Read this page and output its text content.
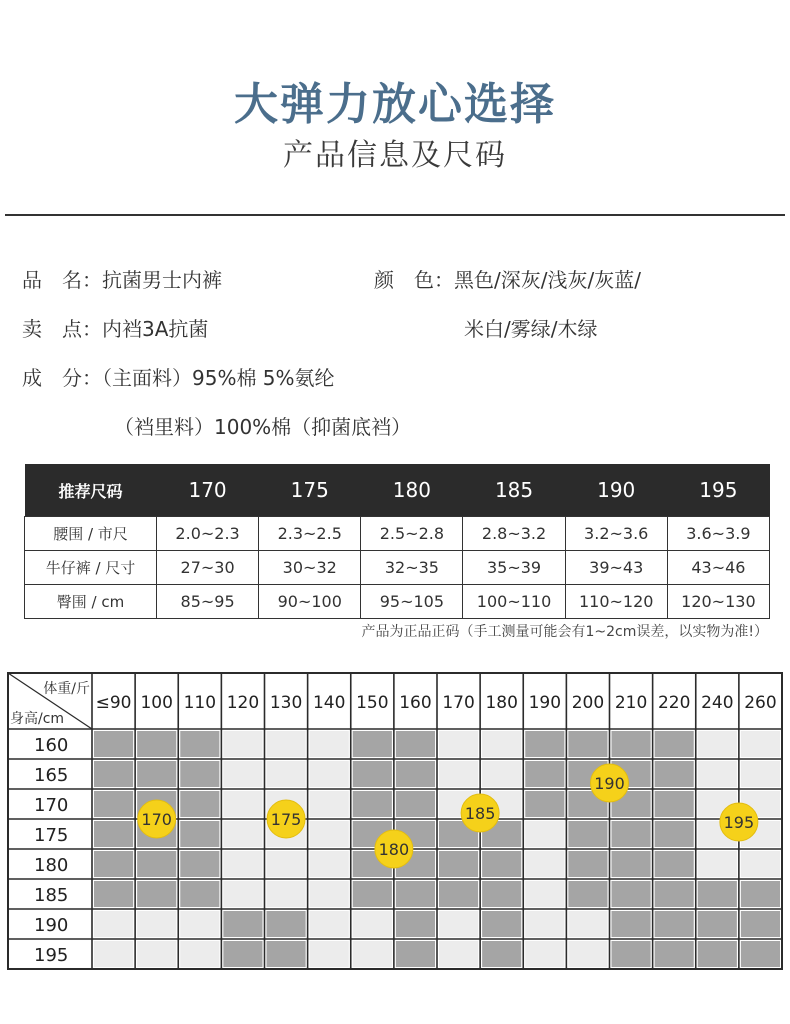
大弹力放心选择
产品信息及尺码
品　名：抗菌男士内裤	颜　色：黑色/深灰/浅灰/灰蓝/
米白/雾绿/木绿
卖　点：内裆3A抗菌
成　分：（主面料）95%棉 5%氨纶
（裆里料）100%棉（抑菌底裆）
推荐尺码	170	175	180	185	190	195
腰围 / 市尺	2.0~2.3	2.3~2.5	2.5~2.8	2.8~3.2	3.2~3.6	3.6~3.9
牛仔裤 / 尺寸	27~30	30~32	32~35	35~39	39~43	43~46
臀围 / cm	85~95	90~100	95~105	100~110	110~120	120~130
产品为正品正码（手工测量可能会有1~2cm误差，以实物为准!）
体重/斤
身高/cm
≤90 100 110 120 130 140 150 160 170 180 190 200 210 220 240 260
160
165
170
175
180
185
190
195
170	175
180
185
190
195
